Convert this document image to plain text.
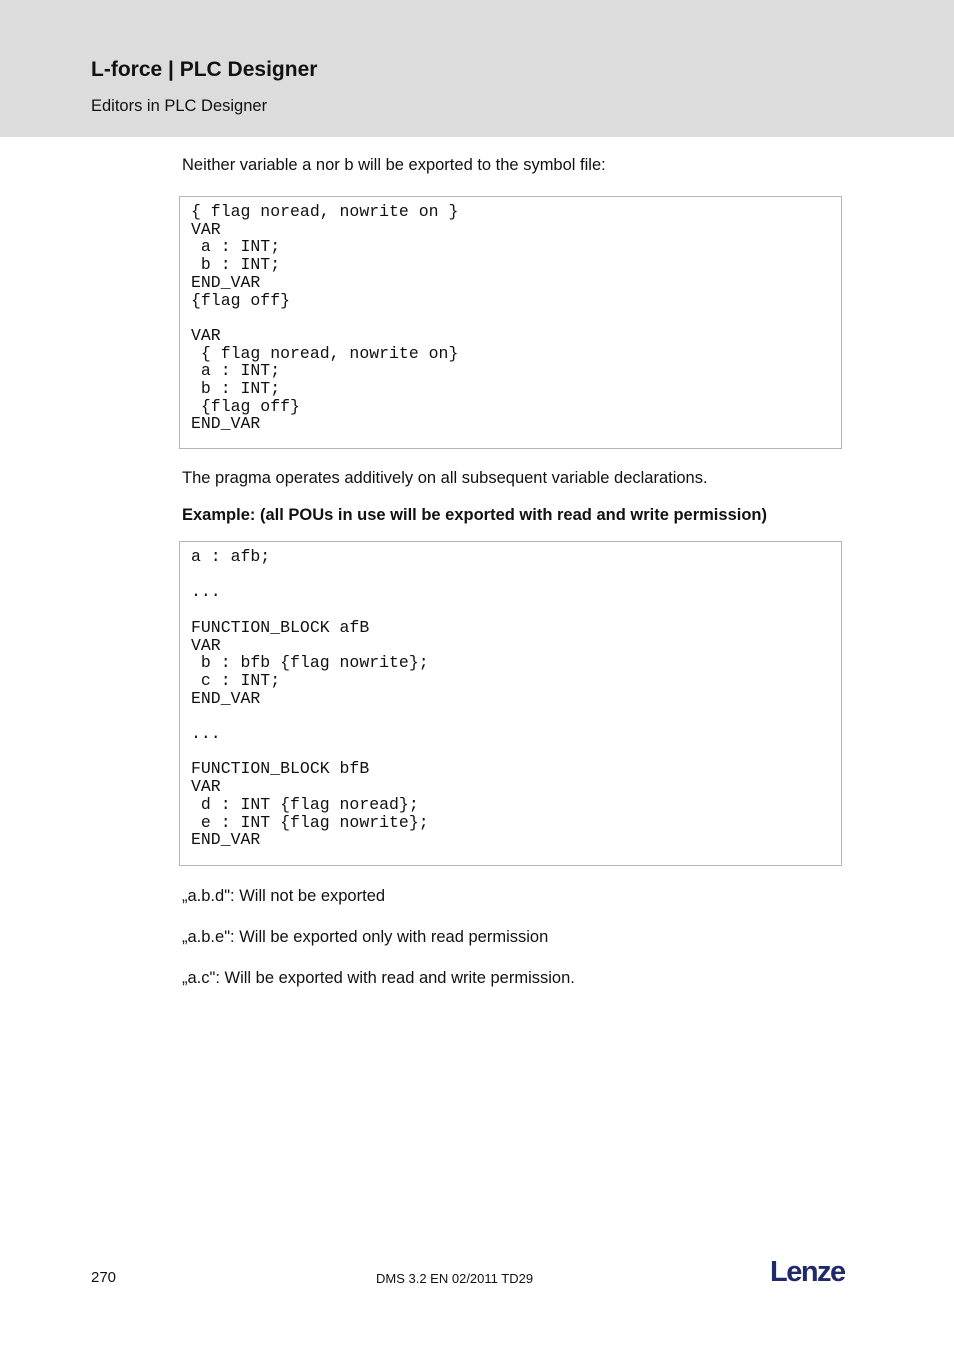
L-force | PLC Designer
Editors in PLC Designer
Neither variable a nor b will be exported to the symbol file:
{ flag noread, nowrite on }
VAR
a : INT;
b : INT;
END_VAR
{flag off}

VAR
{ flag noread, nowrite on}
a : INT;
b : INT;
{flag off}
END_VAR
The pragma operates additively on all subsequent variable declarations.
Example: (all POUs in use will be exported with read and write permission)
a : afb;

...

FUNCTION_BLOCK afB
VAR
b : bfb {flag nowrite};
c : INT;
END_VAR

...

FUNCTION_BLOCK bfB
VAR
d : INT {flag noread};
e : INT {flag nowrite};
END_VAR
„a.b.d": Will not be exported
„a.b.e": Will be exported only with read permission
„a.c": Will be exported with read and write permission.
270	DMS 3.2 EN 02/2011 TD29	Lenze
